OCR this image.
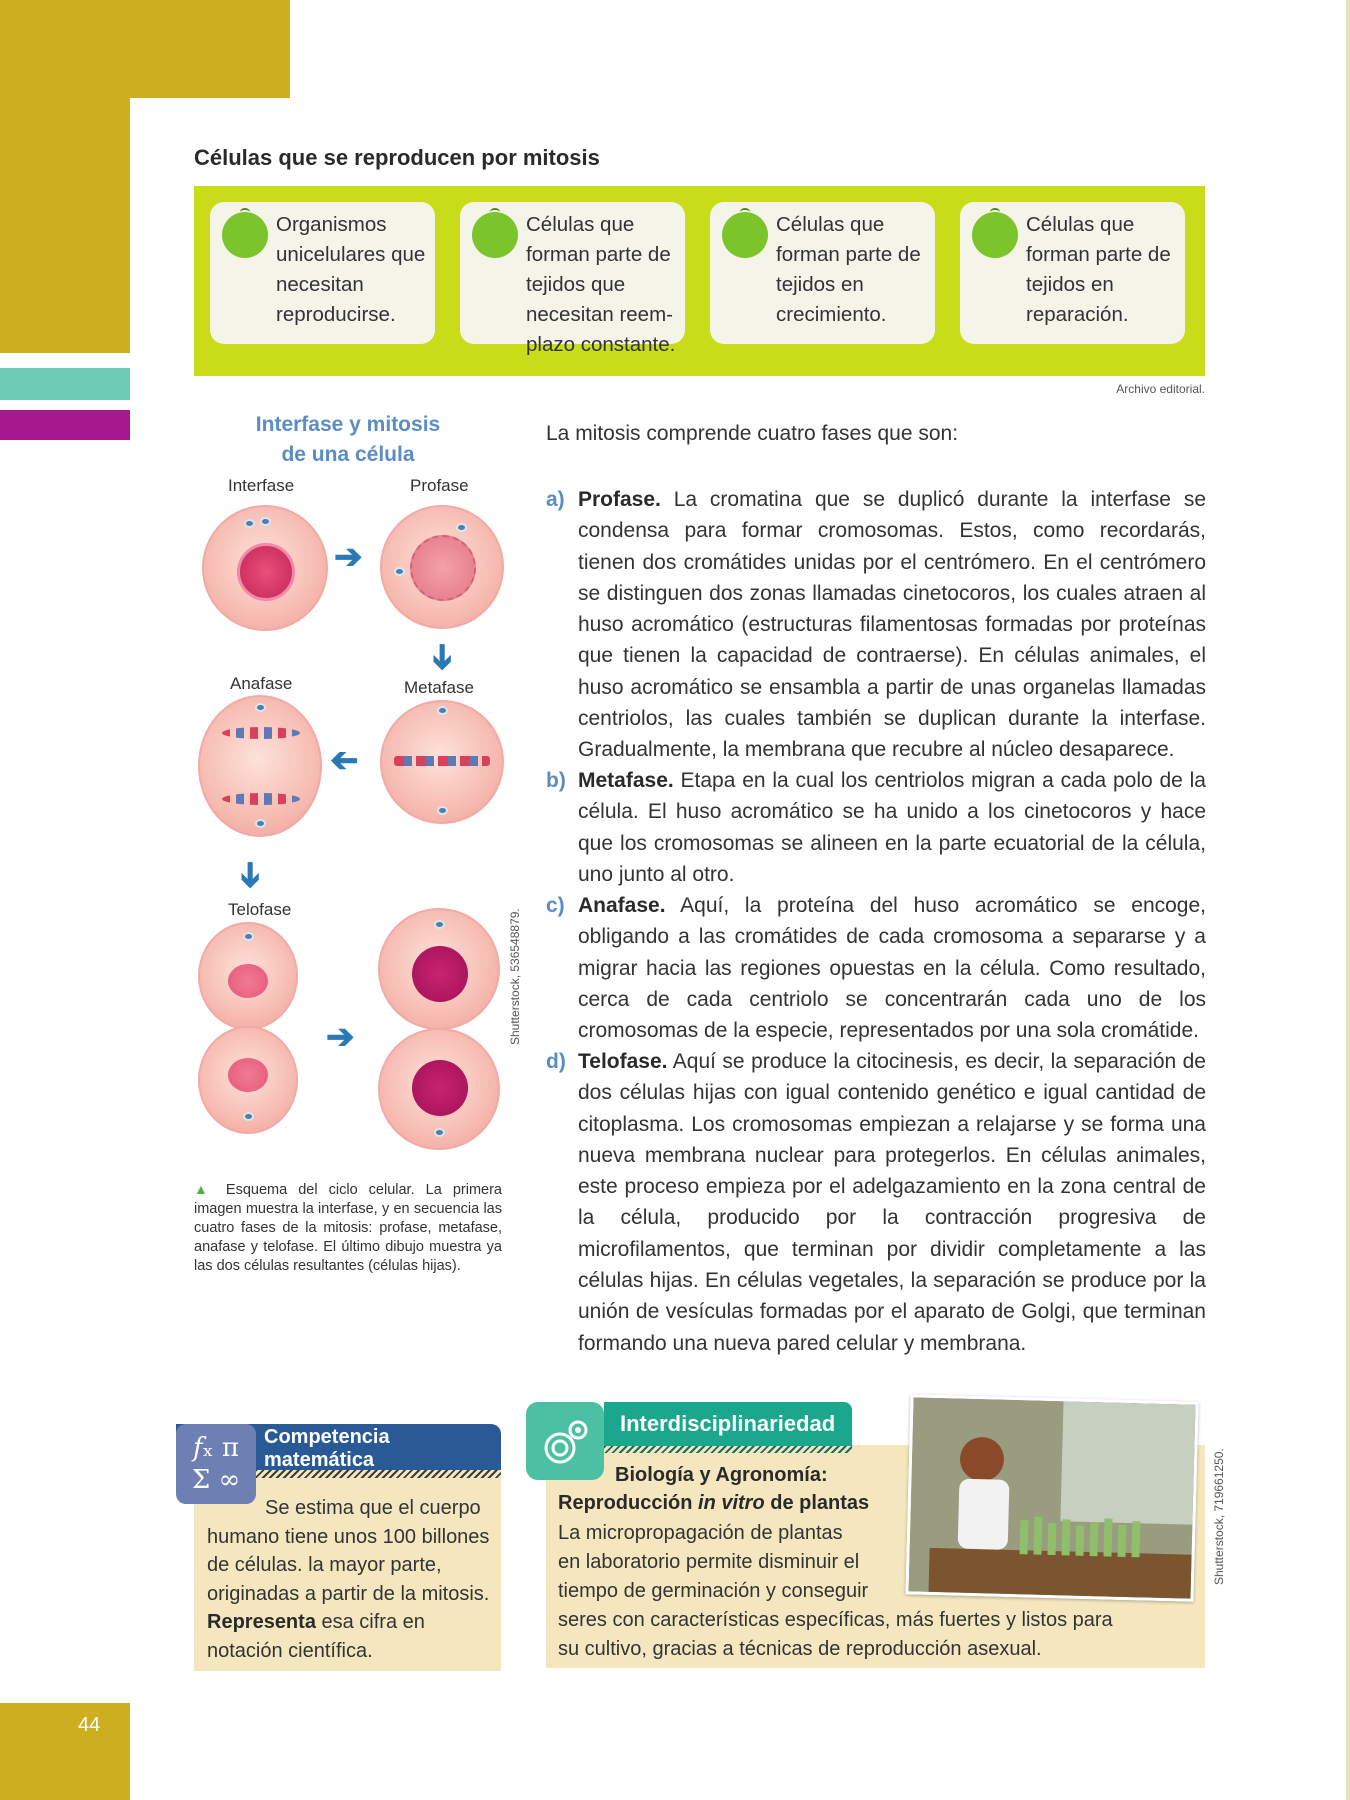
44
Células que se reproducen por mitosis
Organismos unicelulares que necesitan reproducirse.
Células que forman parte de tejidos que necesitan reem-plazo constante.
Células que forman parte de tejidos en crecimiento.
Células que forman parte de tejidos en reparación.
Archivo editorial.
Interfase y mitosis
de una célula
Interfase	Profase
Anafase	Metafase
Telofase
➔
➔
➔
➔
➔	Shutterstock, 536548879.
▲ Esquema del ciclo celular. La primera imagen muestra la interfase, y en secuencia las cuatro fases de la mitosis: profase, metafase, anafase y telofase. El último dibujo muestra ya las dos células resultantes (células hijas).
La mitosis comprende cuatro fases que son:
a) Profase. La cromatina que se duplicó durante la interfase se condensa para formar cromosomas. Estos, como recordarás, tienen dos cromátides unidas por el centrómero. En el centrómero se distinguen dos zonas llamadas cinetocoros, los cuales atraen al huso acromático (estructuras filamentosas formadas por proteínas que tienen la capacidad de contraerse). En células animales, el huso acromático se ensambla a partir de unas organelas llamadas centriolos, las cuales también se duplican durante la interfase. Gradualmente, la membrana que recubre al núcleo desaparece.
b) Metafase. Etapa en la cual los centriolos migran a cada polo de la célula. El huso acromático se ha unido a los cinetocoros y hace que los cromosomas se alineen en la parte ecuatorial de la célula, uno junto al otro.
c) Anafase. Aquí, la proteína del huso acromático se encoge, obligando a las cromátides de cada cromosoma a separarse y a migrar hacia las regiones opuestas en la célula. Como resultado, cerca de cada centriolo se concentrarán cada uno de los cromosomas de la especie, representados por una sola cromátide.
d) Telofase. Aquí se produce la citocinesis, es decir, la separación de dos células hijas con igual contenido genético e igual cantidad de citoplasma. Los cromosomas empiezan a relajarse y se forma una nueva membrana nuclear para protegerlos. En células animales, este proceso empieza por el adelgazamiento en la zona central de la célula, producido por la contracción progresiva de microfilamentos, que terminan por dividir completamente a las células hijas. En células vegetales, la separación se produce por la unión de vesículas formadas por el aparato de Golgi, que terminan formando una nueva pared celular y membrana.
𝑓ₓ π
Σ ∞
Competencia
matemática
Se estima que el cuerpo humano tiene unos 100 billones de células. la mayor parte, originadas a partir de la mitosis. Representa esa cifra en notación científica.
Interdisciplinariedad
Biología y Agronomía:
Reproducción in vitro de plantas
La micropropagación de plantas
en laboratorio permite disminuir el
tiempo de germinación y conseguir
seres con características específicas, más fuertes y listos para
su cultivo, gracias a técnicas de reproducción asexual.
Shutterstock, 719661250.
